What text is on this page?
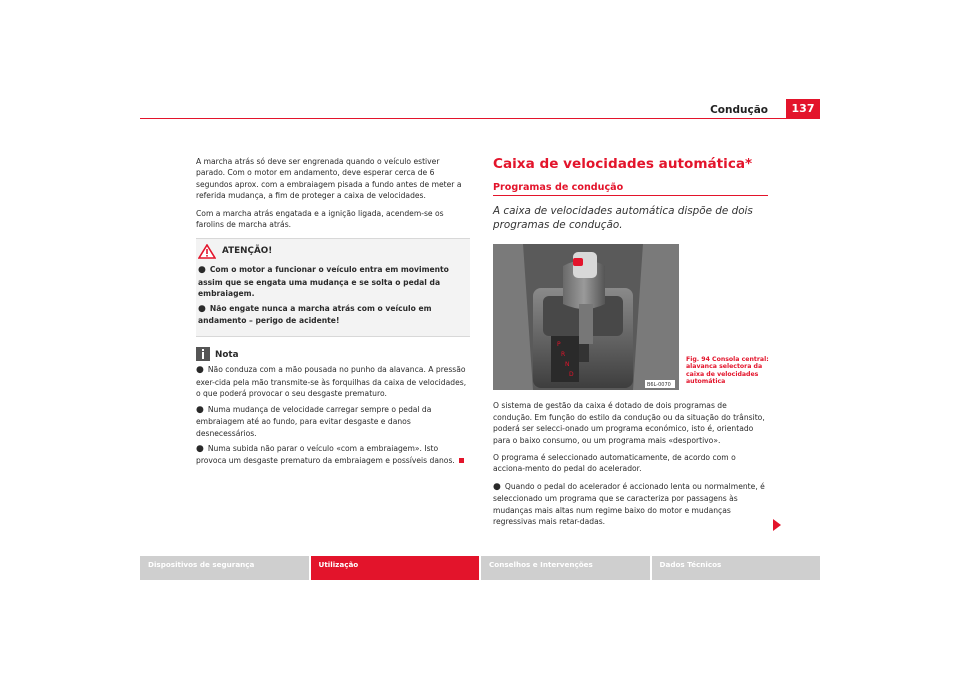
Condução	137

A marcha atrás só deve ser engrenada quando o veículo estiver parado. Com o motor em andamento, deve esperar cerca de 6 segundos aprox. com a embraiagem pisada a fundo antes de meter a referida mudança, a fim de proteger a caixa de velocidades.

Com a marcha atrás engatada e a ignição ligada, acendem-se os farolins de marcha atrás.

ATENÇÃO!
● Com o motor a funcionar o veículo entra em movimento assim que se engata uma mudança e se solta o pedal da embraiagem.
● Não engate nunca a marcha atrás com o veículo em andamento – perigo de acidente!
Nota
● Não conduza com a mão pousada no punho da alavanca. A pressão exer-cida pela mão transmite-se às forquilhas da caixa de velocidades, o que poderá provocar o seu desgaste prematuro.
● Numa mudança de velocidade carregar sempre o pedal da embraiagem até ao fundo, para evitar desgaste e danos desnecessários.
● Numa subida não parar o veículo «com a embraiagem». Isto provoca um desgaste prematuro da embraiagem e possíveis danos.
Caixa de velocidades automática*
Programas de condução
A caixa de velocidades automática dispõe de dois programas de condução.

O sistema de gestão da caixa é dotado de dois programas de condução. Em função do estilo da condução ou da situação do trânsito, poderá ser selecci-onado um programa económico, isto é, orientado para o baixo consumo, ou um programa mais «desportivo».

O programa é seleccionado automaticamente, de acordo com o acciona-mento do pedal do acelerador.

● Quando o pedal do acelerador é accionado lenta ou normalmente, é seleccionado um programa que se caracteriza por passagens às mudanças mais altas num regime baixo do motor e mudanças regressivas mais retar-dadas.
P
R
N
D
B6L-0070
Fig. 94 Consola central: alavanca selectora da caixa de velocidades automática
Dispositivos de segurança	Utilização	Conselhos e Intervenções	Dados Técnicos
